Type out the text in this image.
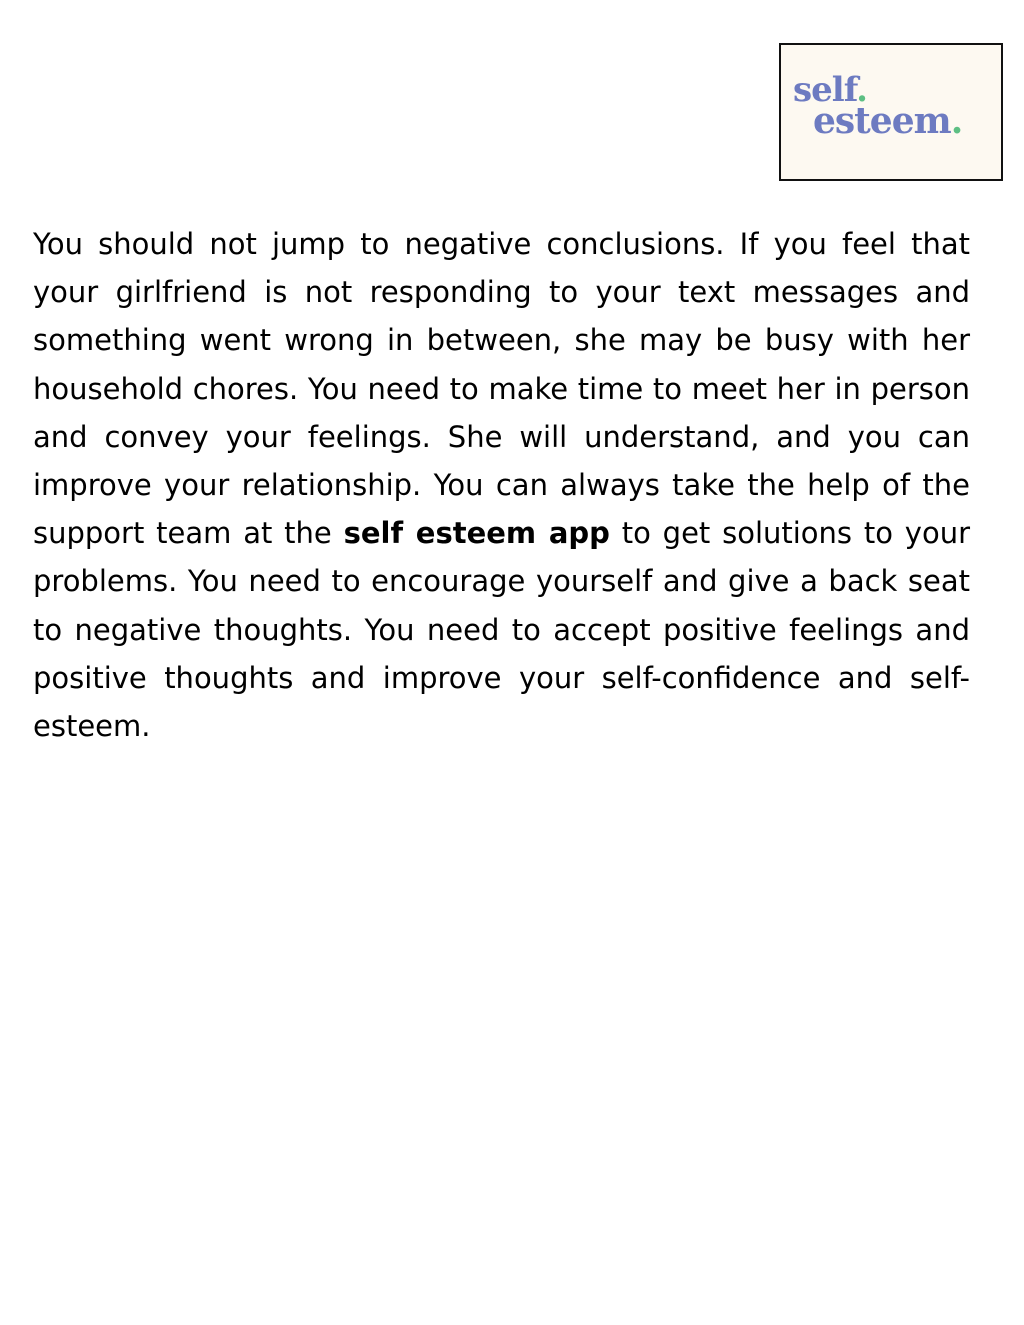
self.
esteem.

You should not jump to negative conclusions. If you feel that your girlfriend is not responding to your text messages and something went wrong in between, she may be busy with her household chores. You need to make time to meet her in person and convey your feelings. She will understand, and you can improve your relationship. You can always take the help of the support team at the self esteem app to get solutions to your problems. You need to encourage yourself and give a back seat to negative thoughts. You need to accept positive feelings and positive thoughts and improve your self-confidence and self-esteem.
